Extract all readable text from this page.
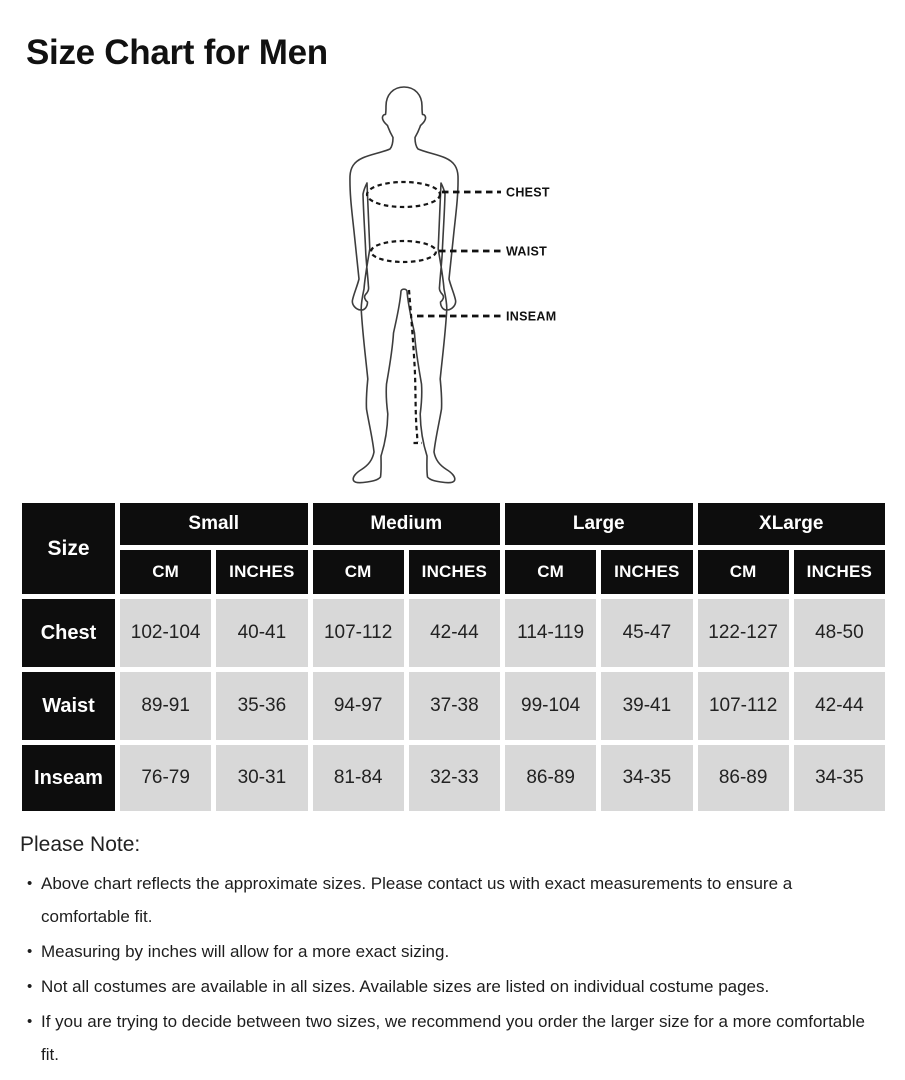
Size Chart for Men
CHEST
WAIST
INSEAM
Size
Small	Medium	Large	XLarge
CM	INCHES	CM	INCHES	CM	INCHES	CM	INCHES
Chest	102-104	40-41	107-112	42-44	114-119	45-47	122-127	48-50
Waist	89-91	35-36	94-97	37-38	99-104	39-41	107-112	42-44
Inseam	76-79	30-31	81-84	32-33	86-89	34-35	86-89	34-35
Please Note:
• Above chart reflects the approximate sizes. Please contact us with exact measurements to ensure a comfortable fit.
• Measuring by inches will allow for a more exact sizing.
• Not all costumes are available in all sizes. Available sizes are listed on individual costume pages.
• If you are trying to decide between two sizes, we recommend you order the larger size for a more comfortable fit.
